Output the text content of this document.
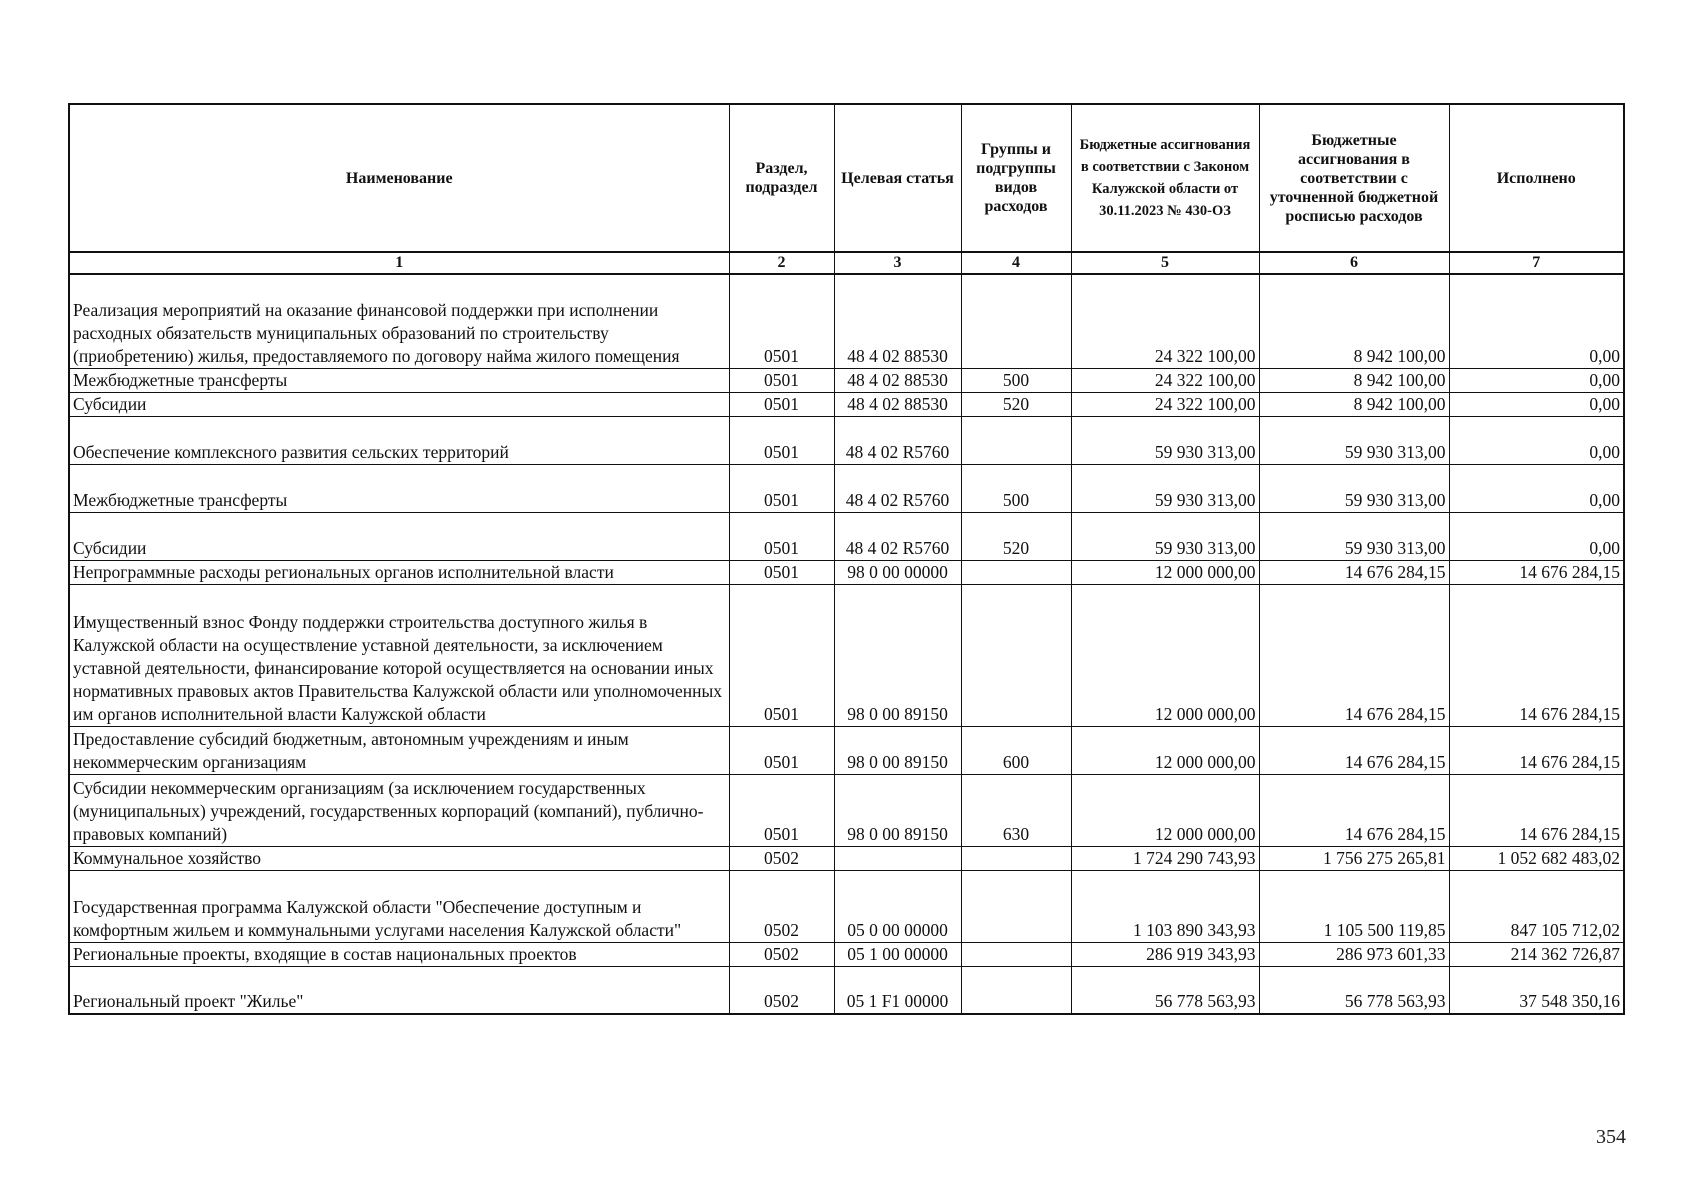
Наименование	Раздел, подраздел	Целевая статья	Группы и подгруппы видов расходов	Бюджетные ассигнования в соответствии с Законом Калужской области от 30.11.2023 № 430-ОЗ	Бюджетные ассигнования в соответствии с уточненной бюджетной росписью расходов	Исполнено
1	2	3	4	5	6	7
Реализация мероприятий на оказание финансовой поддержки при исполнении расходных обязательств муниципальных образований по строительству (приобретению) жилья, предоставляемого по договору найма жилого помещения	0501	48 4 02 88530		24 322 100,00	8 942 100,00	0,00
Межбюджетные трансферты	0501	48 4 02 88530	500	24 322 100,00	8 942 100,00	0,00
Субсидии	0501	48 4 02 88530	520	24 322 100,00	8 942 100,00	0,00
Обеспечение комплексного развития сельских территорий	0501	48 4 02 R5760		59 930 313,00	59 930 313,00	0,00
Межбюджетные трансферты	0501	48 4 02 R5760	500	59 930 313,00	59 930 313,00	0,00
Субсидии	0501	48 4 02 R5760	520	59 930 313,00	59 930 313,00	0,00
Непрограммные расходы региональных органов исполнительной власти	0501	98 0 00 00000		12 000 000,00	14 676 284,15	14 676 284,15
Имущественный взнос Фонду поддержки строительства доступного жилья в Калужской области на осуществление уставной деятельности, за исключением уставной деятельности, финансирование которой осуществляется на основании иных нормативных правовых актов Правительства Калужской области или уполномоченных им органов исполнительной власти Калужской области	0501	98 0 00 89150		12 000 000,00	14 676 284,15	14 676 284,15
Предоставление субсидий бюджетным, автономным учреждениям и иным некоммерческим организациям	0501	98 0 00 89150	600	12 000 000,00	14 676 284,15	14 676 284,15
Субсидии некоммерческим организациям (за исключением государственных (муниципальных) учреждений, государственных корпораций (компаний), публично-правовых компаний)	0501	98 0 00 89150	630	12 000 000,00	14 676 284,15	14 676 284,15
Коммунальное хозяйство	0502			1 724 290 743,93	1 756 275 265,81	1 052 682 483,02
Государственная программа Калужской области "Обеспечение доступным и комфортным жильем и коммунальными услугами населения Калужской области"	0502	05 0 00 00000		1 103 890 343,93	1 105 500 119,85	847 105 712,02
Региональные проекты, входящие в состав национальных проектов	0502	05 1 00 00000		286 919 343,93	286 973 601,33	214 362 726,87
Региональный проект "Жилье"	0502	05 1 F1 00000		56 778 563,93	56 778 563,93	37 548 350,16
354
